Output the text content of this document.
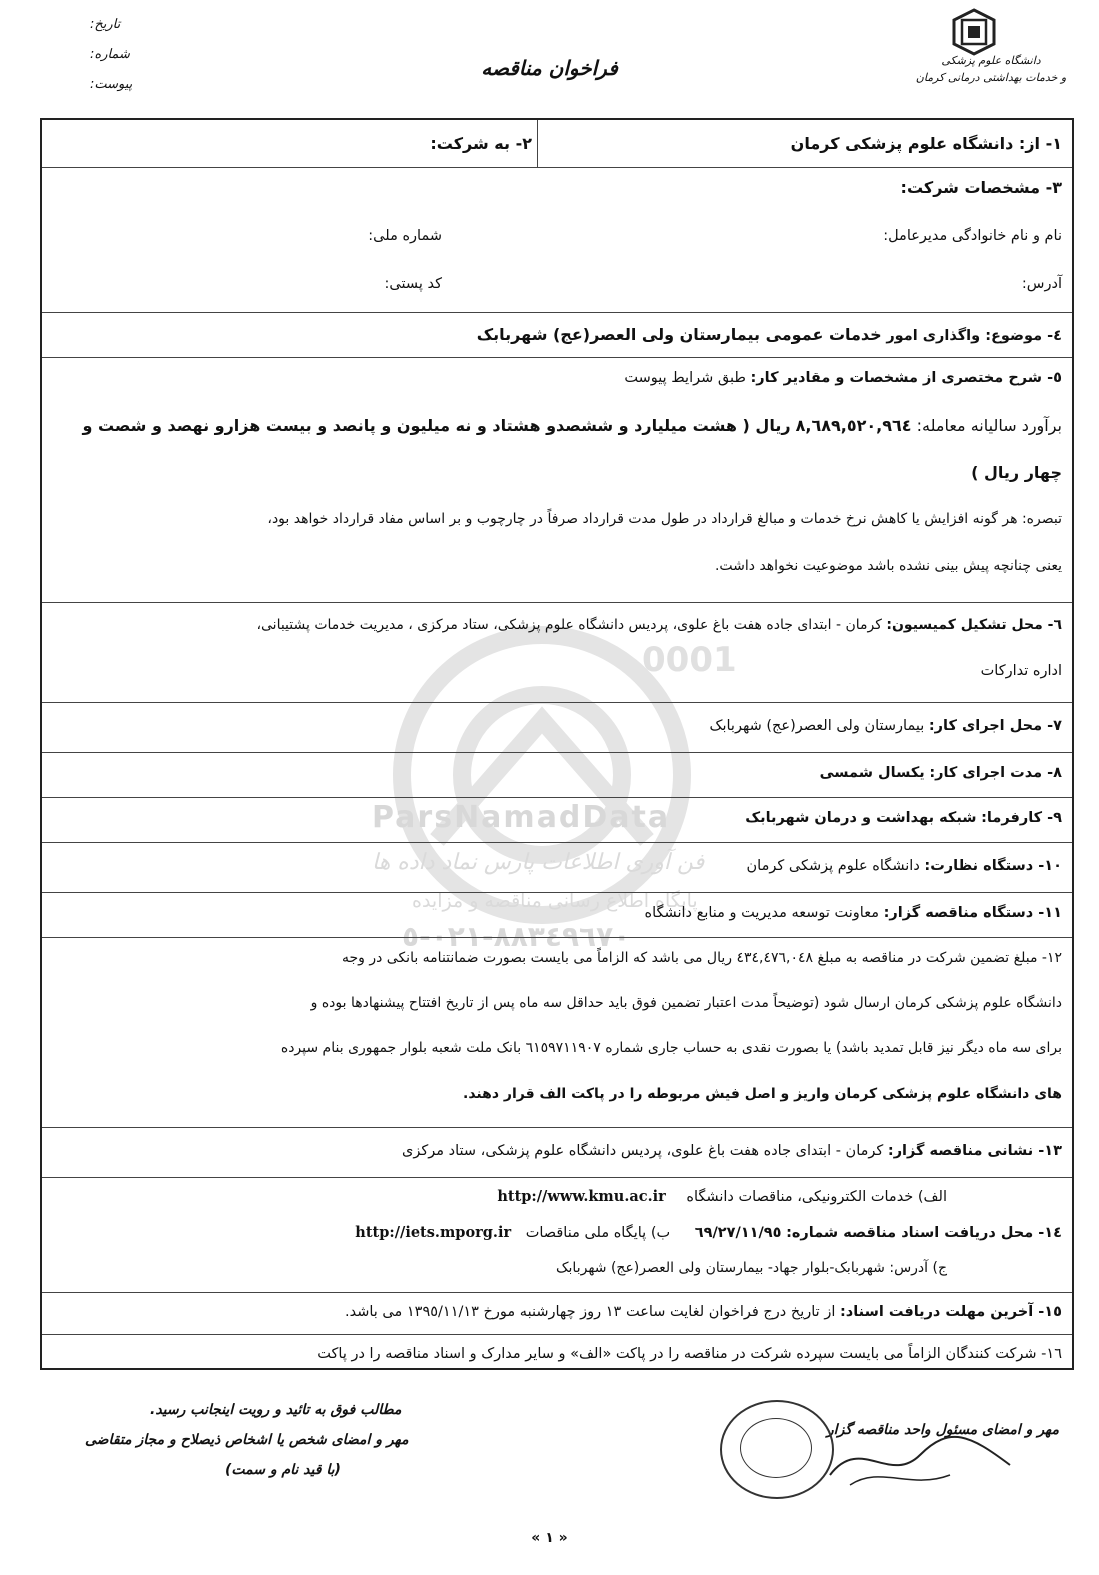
تاریخ:
شماره:
پیوست:
فراخوان مناقصه	دانشگاه علوم پزشکی
و خدمات بهداشتی درمانی کرمان
ParsNamadData
فن آوری اطلاعات پارس نماد داده ها
پایگاه اطلاع رسانی مناقصه و مزایده
۰۲۱-۸۸۳٤۹٦۷۰-٥
0001
۱- از: دانشگاه علوم پزشکی کرمان
۲- به شرکت:
۳- مشخصات شرکت:
نام و نام خانوادگی مدیرعامل:
شماره ملی:
آدرس:
کد پستی:
٤- موضوع: واگذاری امور خدمات عمومی بیمارستان ولی العصر(عج) شهربابک
٥- شرح مختصری از مشخصات و مقادیر کار: طبق شرایط پیوست
برآورد سالیانه معامله: ۸,٦۸۹,٥۲۰,۹٦٤ ریال ( هشت میلیارد و ششصدو هشتاد و نه میلیون و پانصد و بیست هزارو نهصد و شصت و
چهار ریال )
تبصره: هر گونه افزایش یا کاهش نرخ خدمات و مبالغ قرارداد در طول مدت قرارداد صرفاً در چارچوب و بر اساس مفاد قرارداد خواهد بود،
یعنی چنانچه پیش بینی نشده باشد موضوعیت نخواهد داشت.
٦- محل تشکیل کمیسیون: کرمان - ابتدای جاده هفت باغ علوی، پردیس دانشگاه علوم پزشکی، ستاد مرکزی ، مدیریت خدمات پشتیبانی،
اداره تدارکات
۷- محل اجرای کار: بیمارستان ولی العصر(عج) شهربابک
۸- مدت اجرای کار: یکسال شمسی
۹- کارفرما: شبکه بهداشت و درمان شهربابک
۱۰- دستگاه نظارت: دانشگاه علوم پزشکی کرمان
۱۱- دستگاه مناقصه گزار: معاونت توسعه مدیریت و منابع دانشگاه
۱۲- مبلغ تضمین شرکت در مناقصه به مبلغ ٤۳٤,٤۷٦,۰٤۸ ریال می باشد که الزاماً می بایست بصورت ضمانتنامه بانکی در وجه
دانشگاه علوم پزشکی کرمان ارسال شود (توضیحاً مدت اعتبار تضمین فوق باید حداقل سه ماه پس از تاریخ افتتاح پیشنهادها بوده و
برای سه ماه دیگر نیز قابل تمدید باشد) یا بصورت نقدی به حساب جاری شماره ٦۱٥۹۷۱۱۹۰۷ بانک ملت شعبه بلوار جمهوری بنام سپرده
های دانشگاه علوم پزشکی کرمان واریز و اصل فیش مربوطه را در پاکت الف قرار دهند.
۱۳- نشانی مناقصه گزار: کرمان - ابتدای جاده هفت باغ علوی، پردیس دانشگاه علوم پزشکی، ستاد مرکزی
الف) خدمات الکترونیکی، مناقصات دانشگاه http://www.kmu.ac.ir
۱٤- محل دریافت اسناد مناقصه شماره: ٦۹/۲۷/۱۱/۹٥ ب) پایگاه ملی مناقصات http://iets.mporg.ir
ج) آدرس: شهربابک-بلوار جهاد- بیمارستان ولی العصر(عج) شهربابک
۱٥- آخرین مهلت دریافت اسناد: از تاریخ درج فراخوان لغایت ساعت ۱۳ روز چهارشنبه مورخ ۱۳۹٥/۱۱/۱۳ می باشد.
۱٦- شرکت کنندگان الزاماً می بایست سپرده شرکت در مناقصه را در پاکت «الف» و سایر مدارک و اسناد مناقصه را در پاکت
مطالب فوق به تائید و رویت اینجانب رسید.
مهر و امضای شخص یا اشخاص ذیصلاح و مجاز متقاضی
(با قید نام و سمت)
مهر و امضای مسئول واحد مناقصه گزار
« ۱ »
